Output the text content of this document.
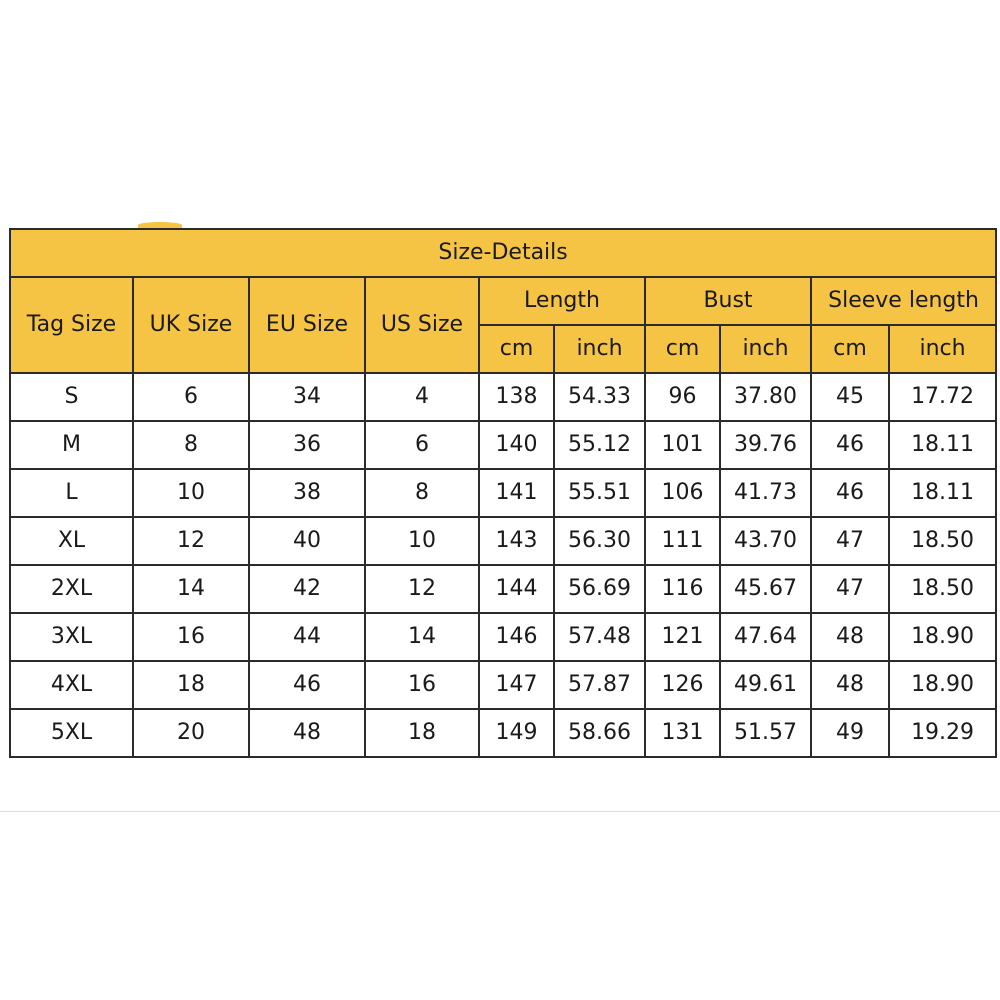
Size-Details									
Tag Size	UK Size	EU Size	US Size	Length		Bust		Sleeve length	
				cm	inch	cm	inch	cm	inch
S	6	34	4	138	54.33	96	37.80	45	17.72
M	8	36	6	140	55.12	101	39.76	46	18.11
L	10	38	8	141	55.51	106	41.73	46	18.11
XL	12	40	10	143	56.30	111	43.70	47	18.50
2XL	14	42	12	144	56.69	116	45.67	47	18.50
3XL	16	44	14	146	57.48	121	47.64	48	18.90
4XL	18	46	16	147	57.87	126	49.61	48	18.90
5XL	20	48	18	149	58.66	131	51.57	49	19.29
